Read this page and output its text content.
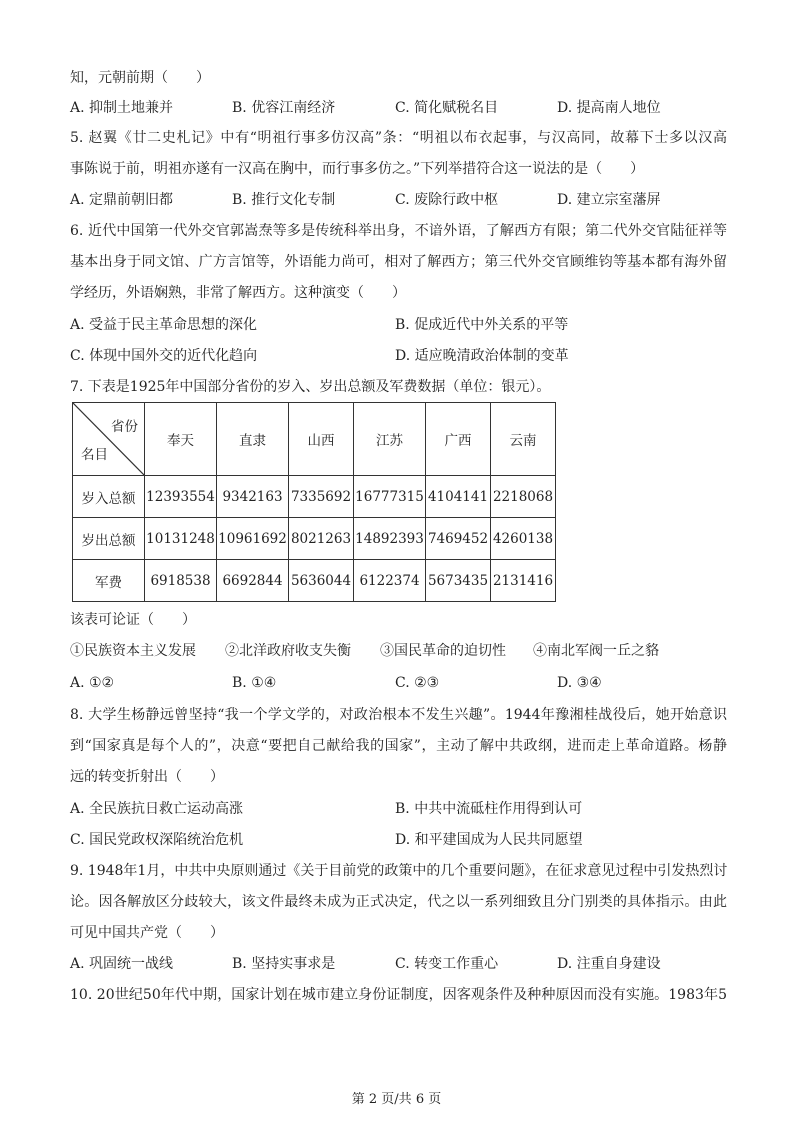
知，元朝前期（　　）
A. 抑制土地兼并	B. 优容江南经济	C. 简化赋税名目	D. 提高南人地位
5. 赵翼《廿二史札记》中有“明祖行事多仿汉高”条：“明祖以布衣起事，与汉高同，故幕下士多以汉高
事陈说于前，明祖亦遂有一汉高在胸中，而行事多仿之。”下列举措符合这一说法的是（　　）
A. 定鼎前朝旧都	B. 推行文化专制	C. 废除行政中枢	D. 建立宗室藩屏
6. 近代中国第一代外交官郭嵩焘等多是传统科举出身，不谙外语，了解西方有限；第二代外交官陆征祥等
基本出身于同文馆、广方言馆等，外语能力尚可，相对了解西方；第三代外交官顾维钧等基本都有海外留
学经历，外语娴熟，非常了解西方。这种演变（　　）
A. 受益于民主革命思想的深化	B. 促成近代中外关系的平等
C. 体现中国外交的近代化趋向	D. 适应晚清政治体制的变革
7. 下表是1925年中国部分省份的岁入、岁出总额及军费数据（单位：银元）。
省份
名目	奉天	直隶	山西	江苏	广西	云南
岁入总额	12393554	9342163	7335692	16777315	4104141	2218068
岁出总额	10131248	10961692	8021263	14892393	7469452	4260138
军费	6918538	6692844	5636044	6122374	5673435	2131416
该表可论证（　　）
①民族资本主义发展 ②北洋政府收支失衡 ③国民革命的迫切性 ④南北军阀一丘之貉
A. ①②	B. ①④	C. ②③	D. ③④
8. 大学生杨静远曾坚持“我一个学文学的，对政治根本不发生兴趣”。1944年豫湘桂战役后，她开始意识
到“国家真是每个人的”，决意“要把自己献给我的国家”，主动了解中共政纲，进而走上革命道路。杨静
远的转变折射出（　　）
A. 全民族抗日救亡运动高涨	B. 中共中流砥柱作用得到认可
C. 国民党政权深陷统治危机	D. 和平建国成为人民共同愿望
9. 1948年1月，中共中央原则通过《关于目前党的政策中的几个重要问题》，在征求意见过程中引发热烈讨
论。因各解放区分歧较大，该文件最终未成为正式决定，代之以一系列细致且分门别类的具体指示。由此
可见中国共产党（　　）
A. 巩固统一战线	B. 坚持实事求是	C. 转变工作重心	D. 注重自身建设
10. 20世纪50年代中期，国家计划在城市建立身份证制度，因客观条件及种种原因而没有实施。1983年5
第 2 页/共 6 页
